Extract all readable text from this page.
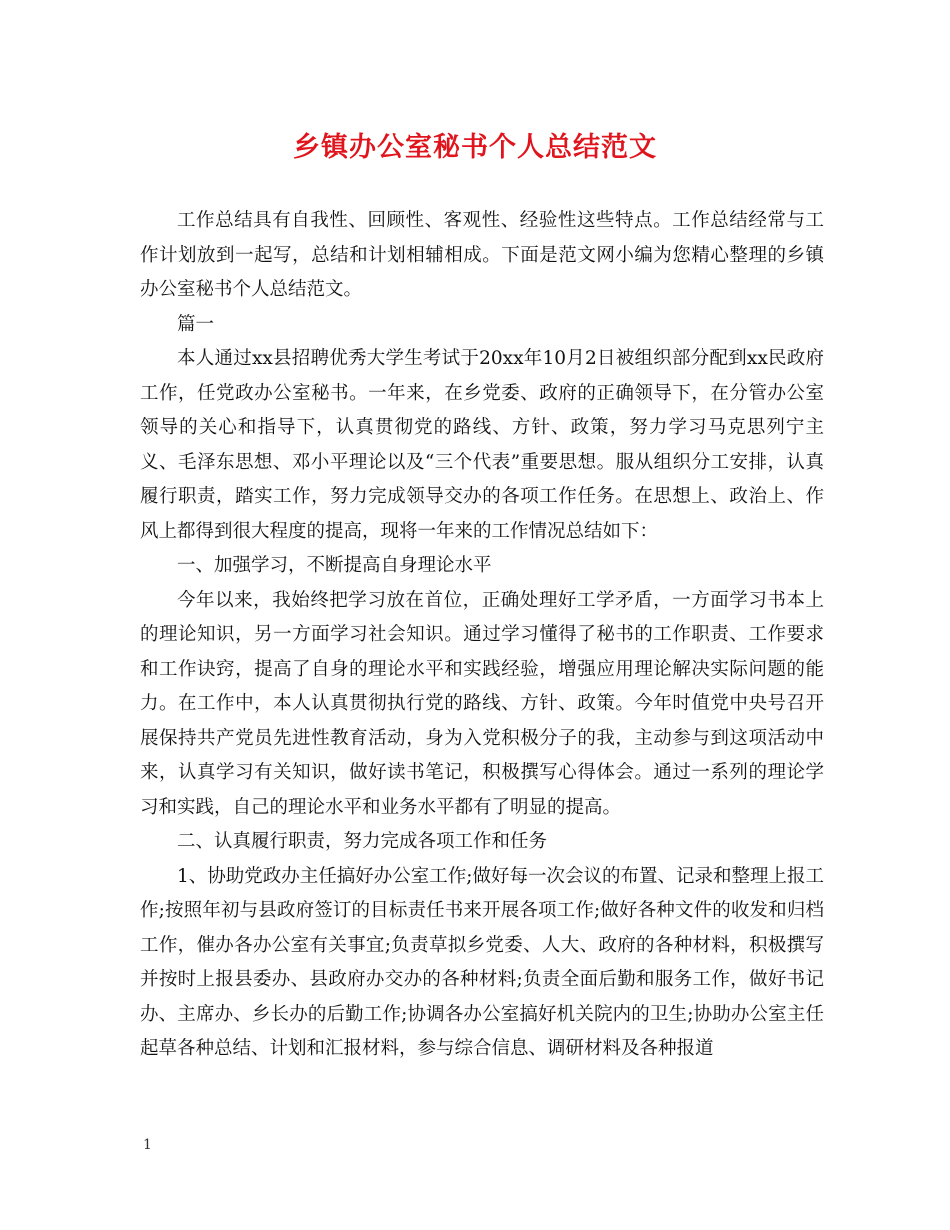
乡镇办公室秘书个人总结范文

工作总结具有自我性、回顾性、客观性、经验性这些特点。工作总结经常与工作计划放到一起写，总结和计划相辅相成。下面是范文网小编为您精心整理的乡镇办公室秘书个人总结范文。

篇一

本人通过xx县招聘优秀大学生考试于20xx年10月2日被组织部分配到xx民政府工作，任党政办公室秘书。一年来，在乡党委、政府的正确领导下，在分管办公室领导的关心和指导下，认真贯彻党的路线、方针、政策，努力学习马克思列宁主义、毛泽东思想、邓小平理论以及“三个代表”重要思想。服从组织分工安排，认真履行职责，踏实工作，努力完成领导交办的各项工作任务。在思想上、政治上、作风上都得到很大程度的提高，现将一年来的工作情况总结如下：

一、加强学习，不断提高自身理论水平

今年以来，我始终把学习放在首位，正确处理好工学矛盾，一方面学习书本上的理论知识，另一方面学习社会知识。通过学习懂得了秘书的工作职责、工作要求和工作诀窍，提高了自身的理论水平和实践经验，增强应用理论解决实际问题的能力。在工作中，本人认真贯彻执行党的路线、方针、政策。今年时值党中央号召开展保持共产党员先进性教育活动，身为入党积极分子的我，主动参与到这项活动中来，认真学习有关知识，做好读书笔记，积极撰写心得体会。通过一系列的理论学习和实践，自己的理论水平和业务水平都有了明显的提高。

二、认真履行职责，努力完成各项工作和任务

1、协助党政办主任搞好办公室工作;做好每一次会议的布置、记录和整理上报工作;按照年初与县政府签订的目标责任书来开展各项工作;做好各种文件的收发和归档工作，催办各办公室有关事宜;负责草拟乡党委、人大、政府的各种材料，积极撰写并按时上报县委办、县政府办交办的各种材料;负责全面后勤和服务工作，做好书记办、主席办、乡长办的后勤工作;协调各办公室搞好机关院内的卫生;协助办公室主任起草各种总结、计划和汇报材料，参与综合信息、调研材料及各种报道

1
